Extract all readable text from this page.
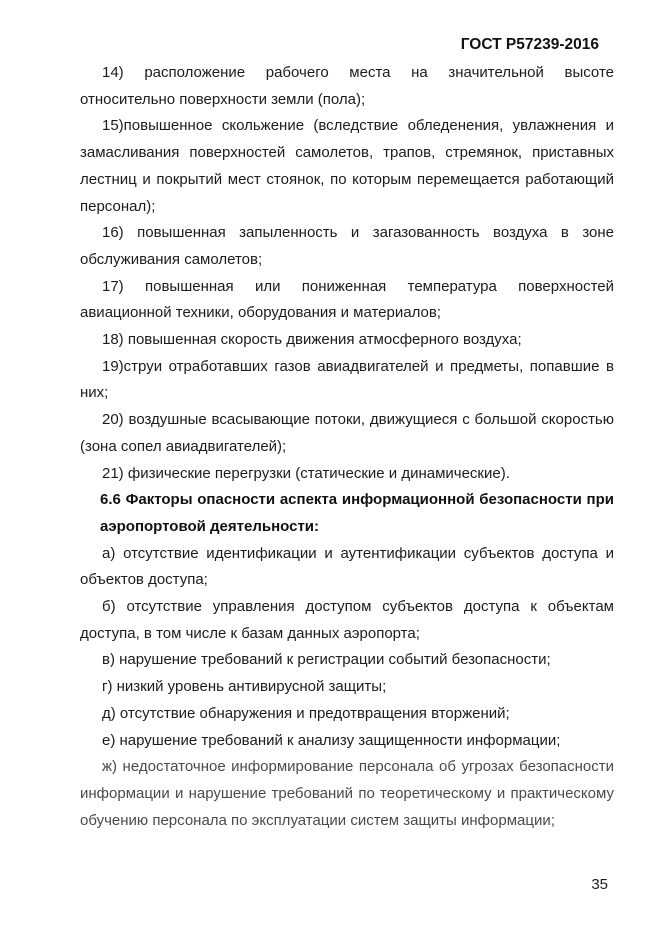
ГОСТ Р57239-2016

14) расположение рабочего места на значительной высоте относительно поверхности земли (пола);

15)повышенное скольжение (вследствие обледенения, увлажнения и замасливания поверхностей самолетов, трапов, стремянок, приставных лестниц и покрытий мест стоянок, по которым перемещается работающий персонал);

16) повышенная запыленность и загазованность воздуха в зоне обслуживания самолетов;

17) повышенная или пониженная температура поверхностей авиационной техники, оборудования и материалов;

18) повышенная скорость движения атмосферного воздуха;

19)струи отработавших газов авиадвигателей и предметы, попавшие в них;

20) воздушные всасывающие потоки, движущиеся с большой скоростью (зона сопел авиадвигателей);

21) физические перегрузки (статические и динамические).

6.6 Факторы опасности аспекта информационной безопасности при аэропортовой деятельности:

а) отсутствие идентификации и аутентификации субъектов доступа и объектов доступа;

б) отсутствие управления доступом субъектов доступа к объектам доступа, в том числе к базам данных аэропорта;

в) нарушение требований к регистрации событий безопасности;

г) низкий уровень антивирусной защиты;

д) отсутствие обнаружения и предотвращения вторжений;

е) нарушение требований к анализу защищенности информации;

ж) недостаточное информирование персонала об угрозах безопасности информации и нарушение требований по теоретическому и практическому обучению персонала по эксплуатации систем защиты информации;

35
